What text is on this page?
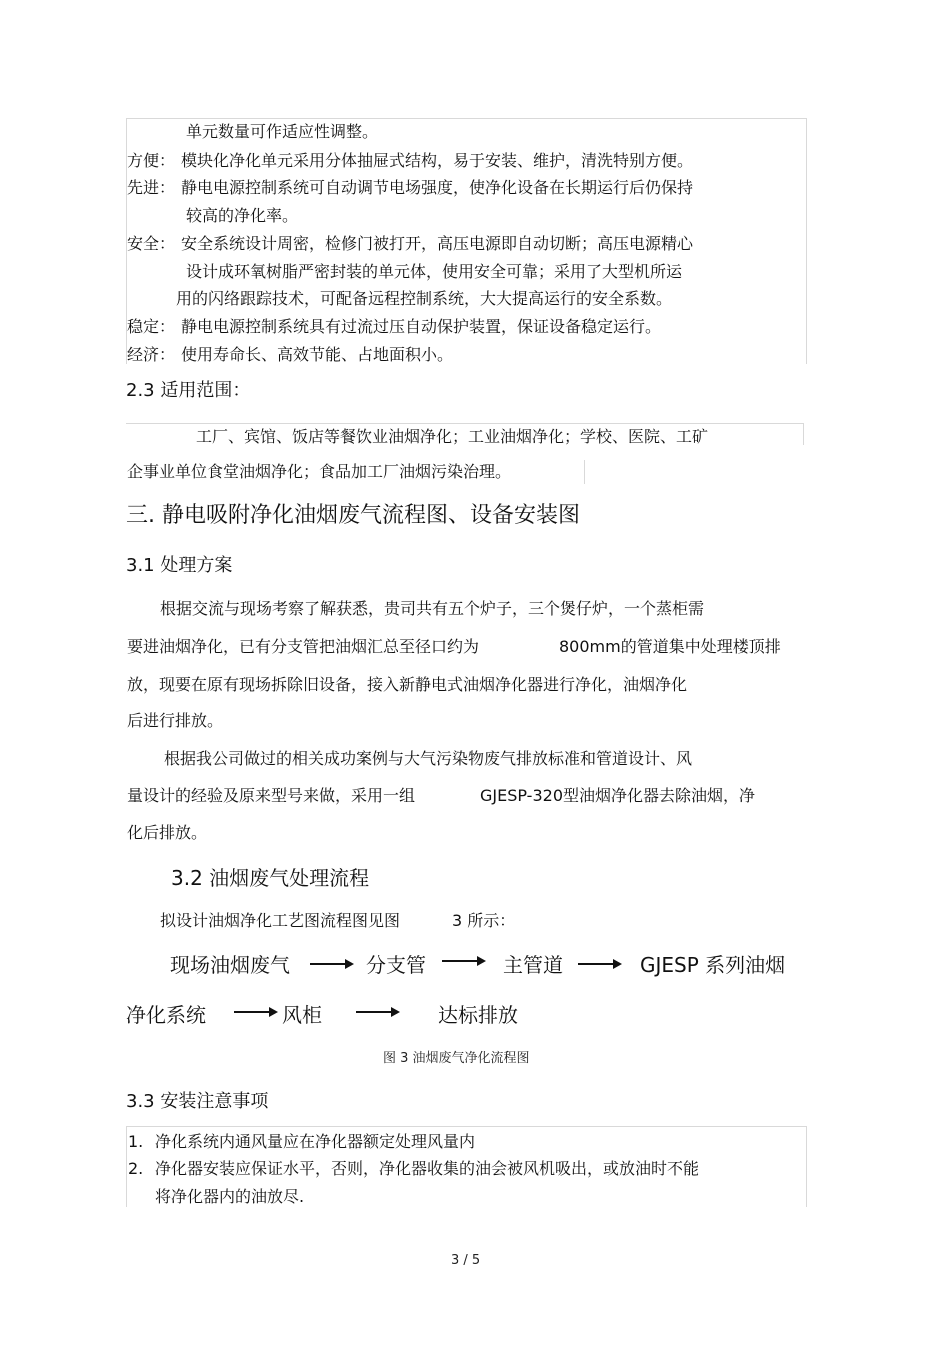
单元数量可作适应性调整。
方便： 模块化净化单元采用分体抽屉式结构，易于安装、维护，清洗特别方便。
先进： 静电电源控制系统可自动调节电场强度，使净化设备在长期运行后仍保持
较高的净化率。
安全： 安全系统设计周密，检修门被打开，高压电源即自动切断；高压电源精心
设计成环氧树脂严密封装的单元体，使用安全可靠；采用了大型机所运
用的闪络跟踪技术，可配备远程控制系统，大大提高运行的安全系数。
稳定： 静电电源控制系统具有过流过压自动保护装置，保证设备稳定运行。
经济： 使用寿命长、高效节能、占地面积小。
2.3 适用范围：
工厂、宾馆、饭店等餐饮业油烟净化；工业油烟净化；学校、医院、工矿
企事业单位食堂油烟净化；食品加工厂油烟污染治理。
三. 静电吸附净化油烟废气流程图、设备安装图
3.1 处理方案
根据交流与现场考察了解获悉，贵司共有五个炉子，三个煲仔炉，一个蒸柜需
要进油烟净化，已有分支管把油烟汇总至径口约为	800mm的管道集中处理楼顶排
放，现要在原有现场拆除旧设备，接入新静电式油烟净化器进行净化，油烟净化
后进行排放。
根据我公司做过的相关成功案例与大气污染物废气排放标准和管道设计、风
量设计的经验及原来型号来做，采用一组	GJESP-320型油烟净化器去除油烟，净
化后排放。
3.2 油烟废气处理流程
拟设计油烟净化工艺图流程图见图	3 所示：
现场油烟废气	分支管	主管道	GJESP 系列油烟
净化系统	风柜	达标排放
图 3 油烟废气净化流程图
3.3 安装注意事项
1. 净化系统内通风量应在净化器额定处理风量内
2. 净化器安装应保证水平，否则，净化器收集的油会被风机吸出，或放油时不能
将净化器内的油放尽.
3 / 5
